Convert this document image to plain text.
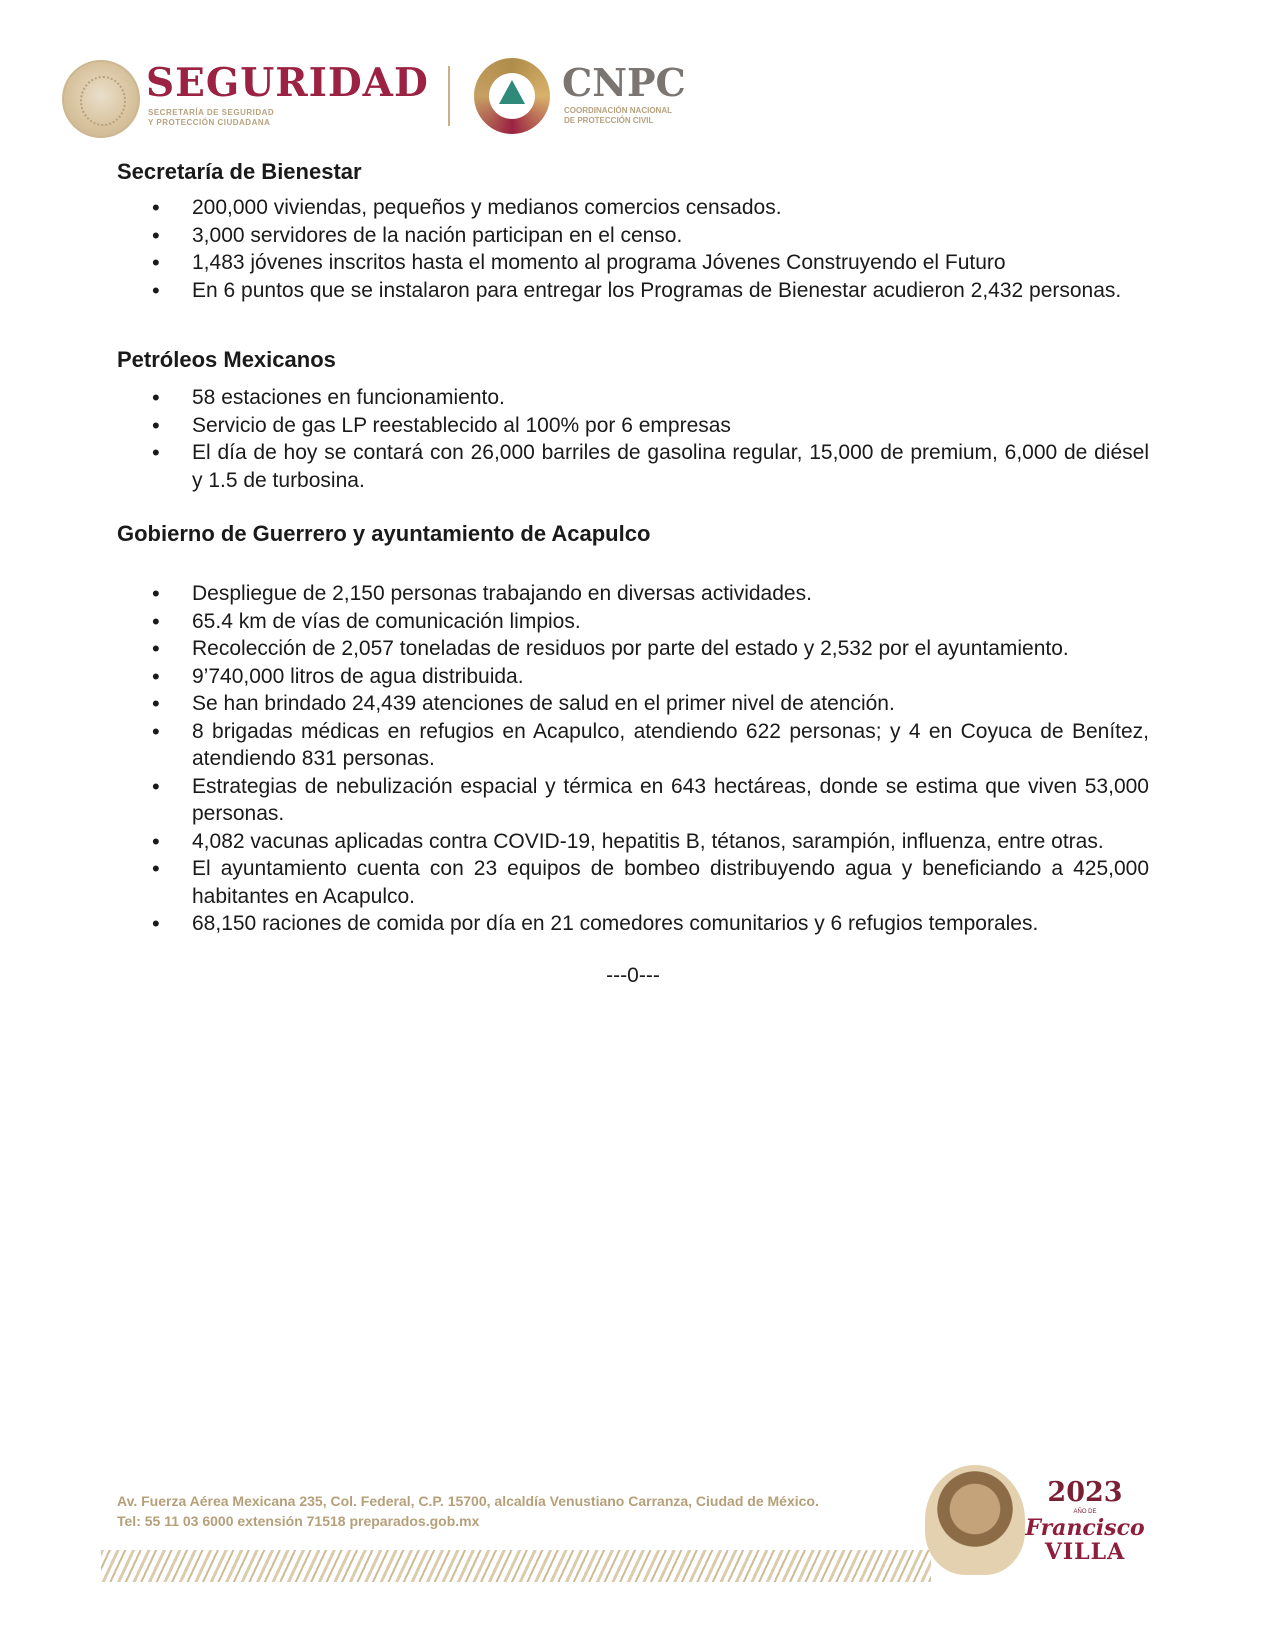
SEGURIDAD
SECRETARÍA DE SEGURIDAD
Y PROTECCIÓN CIUDADANA
CNPC
COORDINACIÓN NACIONAL
DE PROTECCIÓN CIVIL
Secretaría de Bienestar
• 200,000 viviendas, pequeños y medianos comercios censados.
• 3,000 servidores de la nación participan en el censo.
• 1,483 jóvenes inscritos hasta el momento al programa Jóvenes Construyendo el Futuro
• En 6 puntos que se instalaron para entregar los Programas de Bienestar acudieron 2,432 personas.
Petróleos Mexicanos
• 58 estaciones en funcionamiento.
• Servicio de gas LP reestablecido al 100% por 6 empresas
• El día de hoy se contará con 26,000 barriles de gasolina regular, 15,000 de premium, 6,000 de diésel y 1.5 de turbosina.
Gobierno de Guerrero y ayuntamiento de Acapulco
• Despliegue de 2,150 personas trabajando en diversas actividades.
• 65.4 km de vías de comunicación limpios.
• Recolección de 2,057 toneladas de residuos por parte del estado y 2,532 por el ayuntamiento.
• 9’740,000 litros de agua distribuida.
• Se han brindado 24,439 atenciones de salud en el primer nivel de atención.
• 8 brigadas médicas en refugios en Acapulco, atendiendo 622 personas; y 4 en Coyuca de Benítez, atendiendo 831 personas.
• Estrategias de nebulización espacial y térmica en 643 hectáreas, donde se estima que viven 53,000 personas.
• 4,082 vacunas aplicadas contra COVID-19, hepatitis B, tétanos, sarampión, influenza, entre otras.
• El ayuntamiento cuenta con 23 equipos de bombeo distribuyendo agua y beneficiando a 425,000 habitantes en Acapulco.
• 68,150 raciones de comida por día en 21 comedores comunitarios y 6 refugios temporales.
---0---
Av. Fuerza Aérea Mexicana 235, Col. Federal, C.P. 15700, alcaldía Venustiano Carranza, Ciudad de México.
Tel: 55 11 03 6000 extensión 71518 preparados.gob.mx
2023
AÑO DE
Francisco
VILLA
